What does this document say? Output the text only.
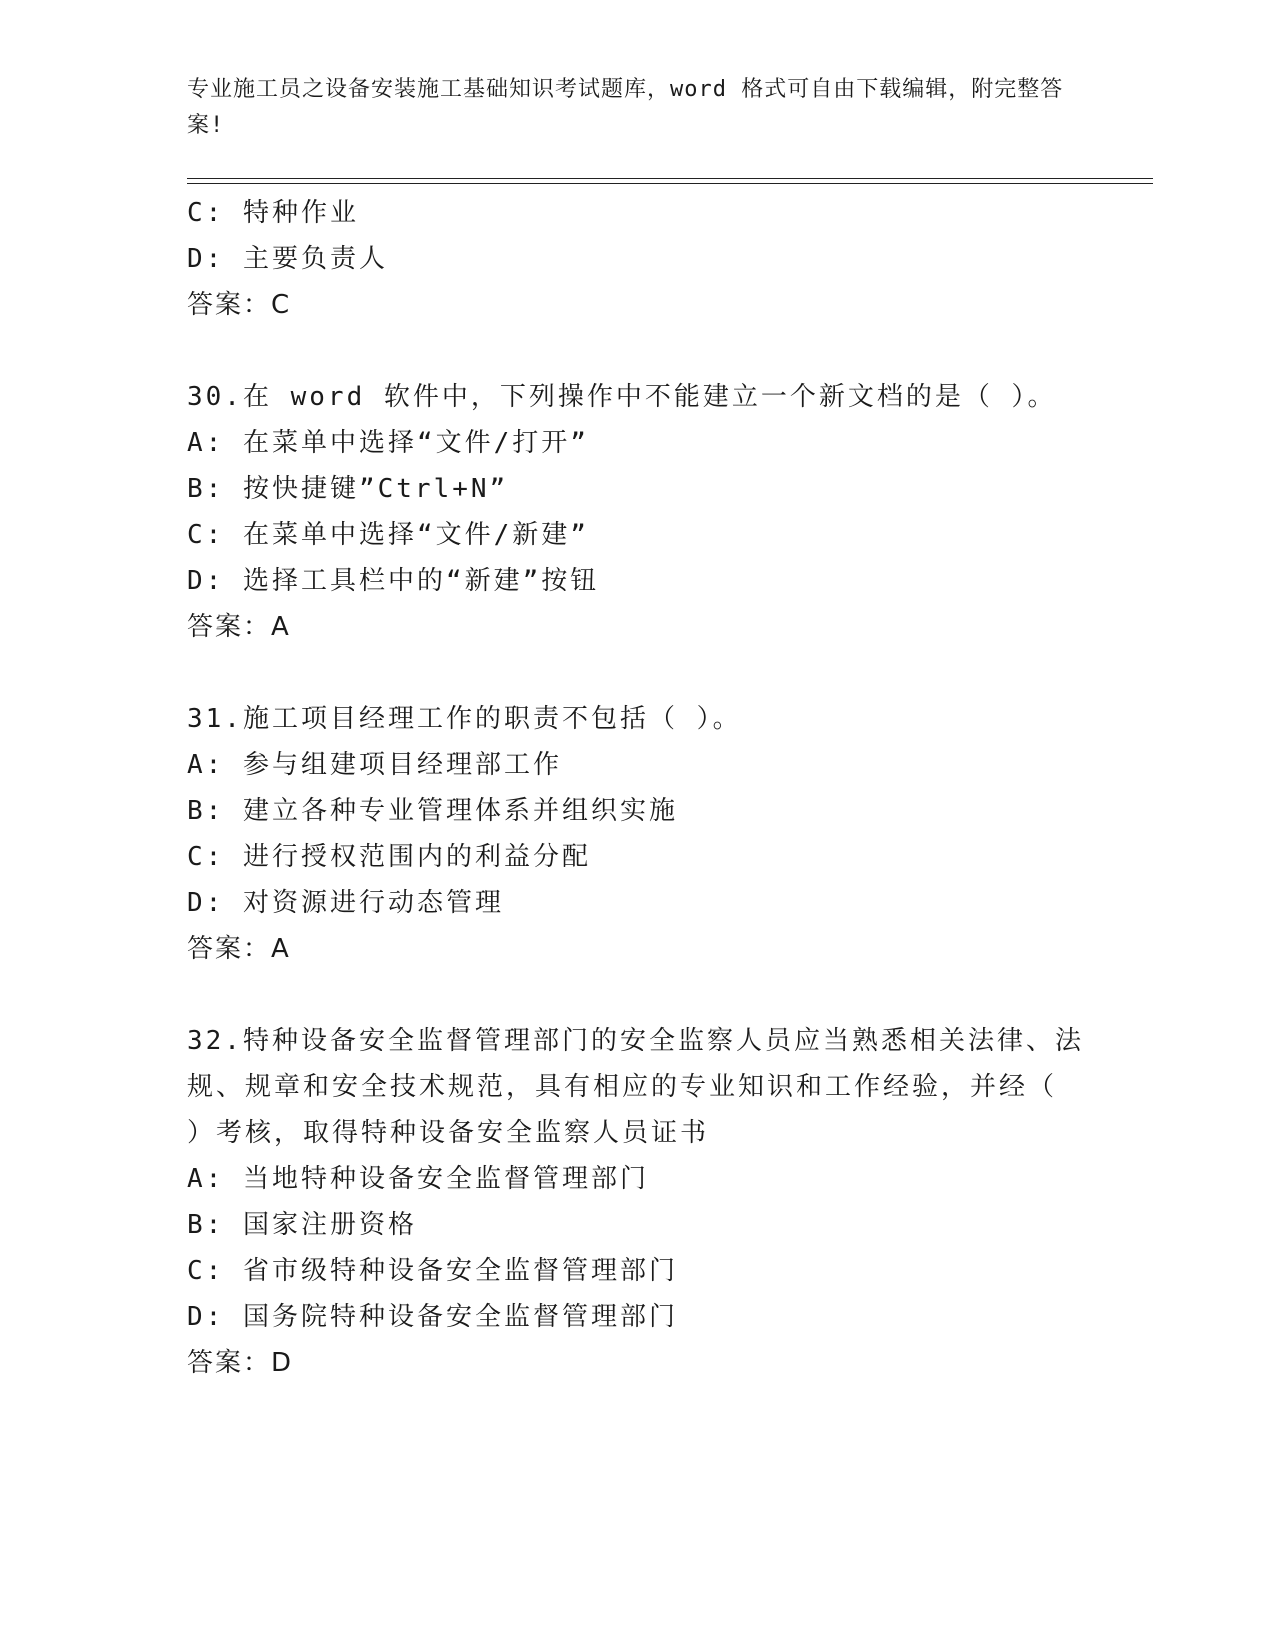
专业施工员之设备安装施工基础知识考试题库，word 格式可自由下载编辑，附完整答案!
C: 特种作业
D: 主要负责人
答案：C
30.在 word 软件中，下列操作中不能建立一个新文档的是（ ）。
A: 在菜单中选择“文件/打开”
B: 按快捷键”Ctrl+N”
C: 在菜单中选择“文件/新建”
D: 选择工具栏中的“新建”按钮
答案：A
31.施工项目经理工作的职责不包括（ ）。
A: 参与组建项目经理部工作
B: 建立各种专业管理体系并组织实施
C: 进行授权范围内的利益分配
D: 对资源进行动态管理
答案：A
32.特种设备安全监督管理部门的安全监察人员应当熟悉相关法律、法
规、规章和安全技术规范，具有相应的专业知识和工作经验，并经（
）考核，取得特种设备安全监察人员证书
A: 当地特种设备安全监督管理部门
B: 国家注册资格
C: 省市级特种设备安全监督管理部门
D: 国务院特种设备安全监督管理部门
答案：D
